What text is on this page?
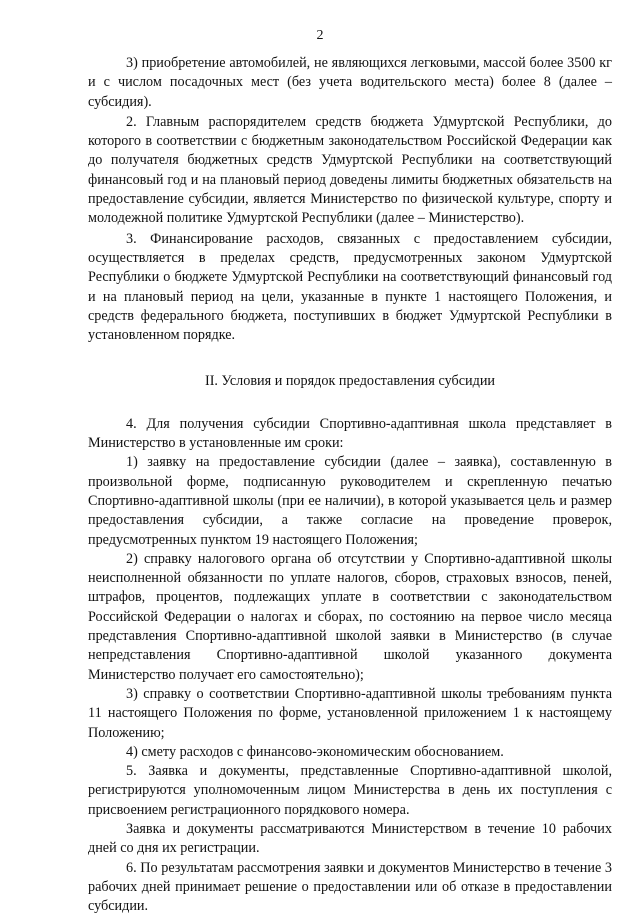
2

3) приобретение автомобилей, не являющихся легковыми, массой более 3500 кг и с числом посадочных мест (без учета водительского места) более 8 (далее – субсидия).

2. Главным распорядителем средств бюджета Удмуртской Республики, до которого в соответствии с бюджетным законодательством Российской Федерации как до получателя бюджетных средств Удмуртской Республики на соответствующий финансовый год и на плановый период доведены лимиты бюджетных обязательств на предоставление субсидии, является Министерство по физической культуре, спорту и молодежной политике Удмуртской Республики (далее – Министерство).

3. Финансирование расходов, связанных с предоставлением субсидии, осуществляется в пределах средств, предусмотренных законом Удмуртской Республики о бюджете Удмуртской Республики на соответствующий финансовый год и на плановый период на цели, указанные в пункте 1 настоящего Положения, и средств федерального бюджета, поступивших в бюджет Удмуртской Республики в установленном порядке.

II. Условия и порядок предоставления субсидии

4. Для получения субсидии Спортивно-адаптивная школа представляет в Министерство в установленные им сроки:

1) заявку на предоставление субсидии (далее – заявка), составленную в произвольной форме, подписанную руководителем и скрепленную печатью Спортивно-адаптивной школы (при ее наличии), в которой указывается цель и размер предоставления субсидии, а также согласие на проведение проверок, предусмотренных пунктом 19 настоящего Положения;

2) справку налогового органа об отсутствии у Спортивно-адаптивной школы неисполненной обязанности по уплате налогов, сборов, страховых взносов, пеней, штрафов, процентов, подлежащих уплате в соответствии с законодательством Российской Федерации о налогах и сборах, по состоянию на первое число месяца представления Спортивно-адаптивной школой заявки в Министерство (в случае непредставления Спортивно-адаптивной школой указанного документа Министерство получает его самостоятельно);

3) справку о соответствии Спортивно-адаптивной школы требованиям пункта 11 настоящего Положения по форме, установленной приложением 1 к настоящему Положению;

4) смету расходов с финансово-экономическим обоснованием.

5. Заявка и документы, представленные Спортивно-адаптивной школой, регистрируются уполномоченным лицом Министерства в день их поступления с присвоением регистрационного порядкового номера.

Заявка и документы рассматриваются Министерством в течение 10 рабочих дней со дня их регистрации.

6. По результатам рассмотрения заявки и документов Министерство в течение 3 рабочих дней принимает решение о предоставлении или об отказе в предоставлении субсидии.
